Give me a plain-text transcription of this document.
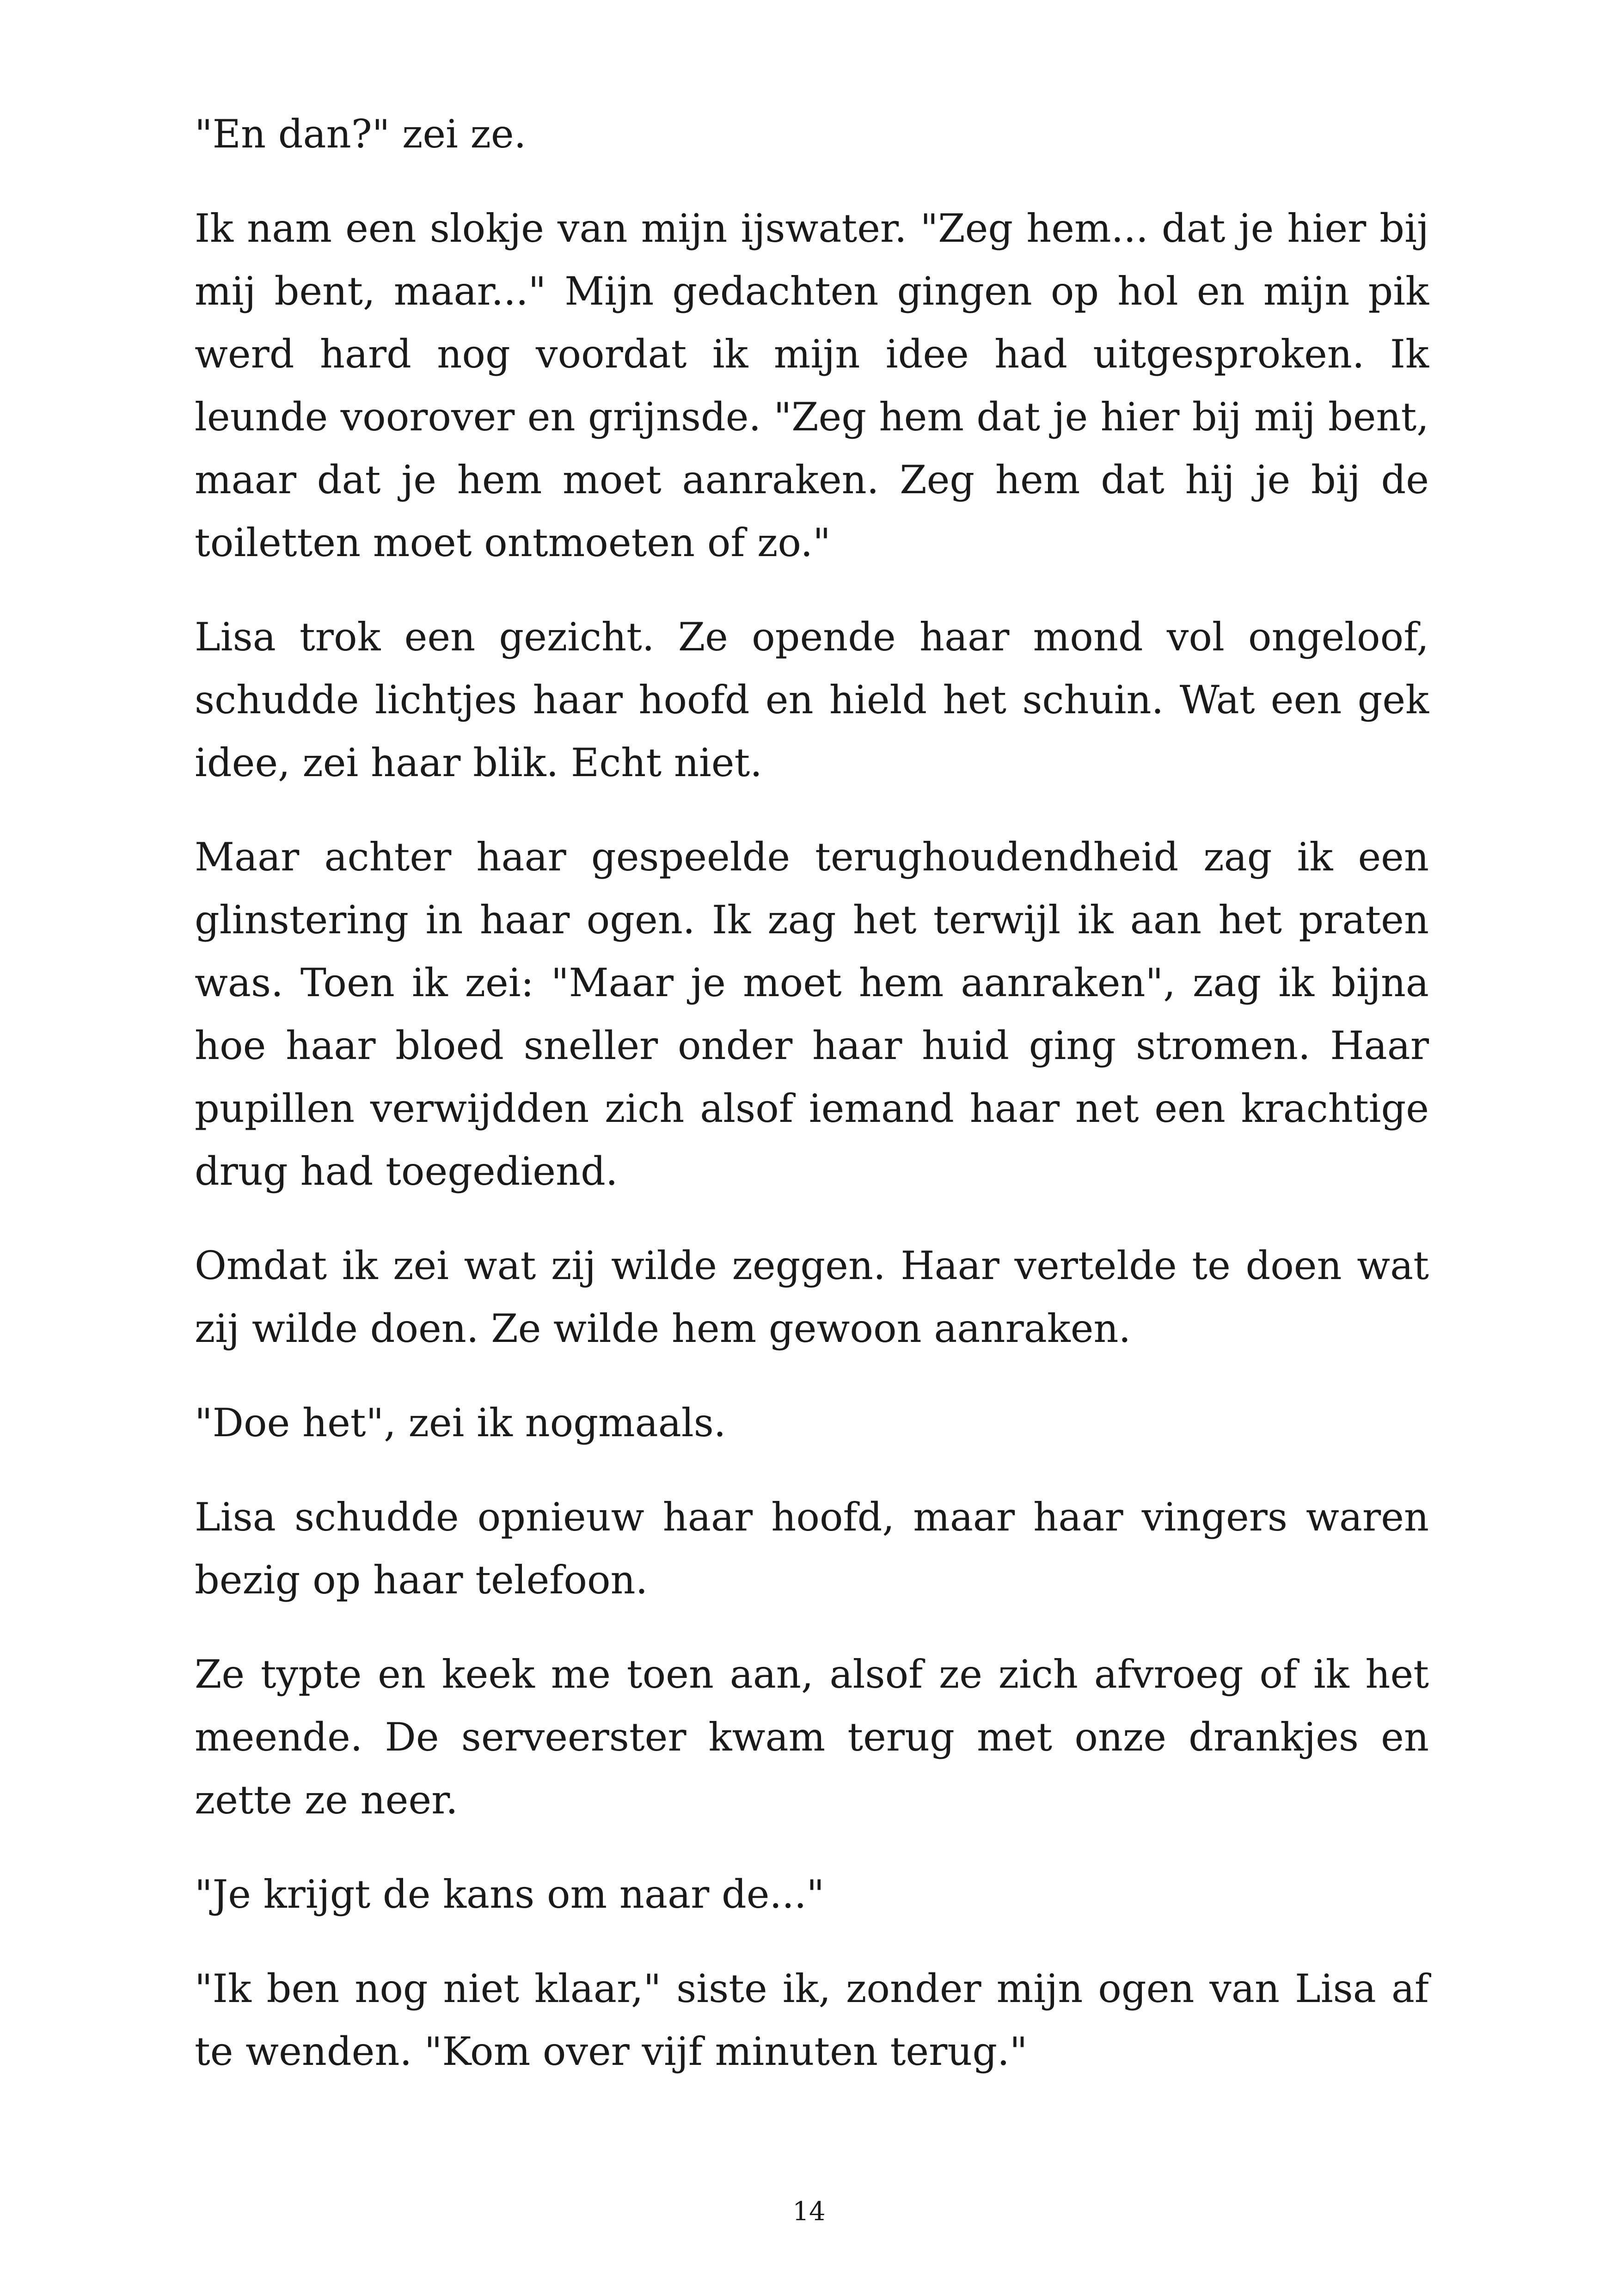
"En dan?" zei ze.

Ik nam een slokje van mijn ijswater. "Zeg hem... dat je hier bij mij bent, maar..." Mijn gedachten gingen op hol en mijn pik werd hard nog voordat ik mijn idee had uitgesproken. Ik leunde voorover en grijnsde. "Zeg hem dat je hier bij mij bent, maar dat je hem moet aanraken. Zeg hem dat hij je bij de toiletten moet ontmoeten of zo."

Lisa trok een gezicht. Ze opende haar mond vol ongeloof, schudde lichtjes haar hoofd en hield het schuin. Wat een gek idee, zei haar blik. Echt niet.

Maar achter haar gespeelde terughoudendheid zag ik een glinstering in haar ogen. Ik zag het terwijl ik aan het praten was. Toen ik zei: "Maar je moet hem aanraken", zag ik bijna hoe haar bloed sneller onder haar huid ging stromen. Haar pupillen verwijdden zich alsof iemand haar net een krachtige drug had toegediend.

Omdat ik zei wat zij wilde zeggen. Haar vertelde te doen wat zij wilde doen. Ze wilde hem gewoon aanraken.

"Doe het", zei ik nogmaals.

Lisa schudde opnieuw haar hoofd, maar haar vingers waren bezig op haar telefoon.

Ze typte en keek me toen aan, alsof ze zich afvroeg of ik het meende. De serveerster kwam terug met onze drankjes en zette ze neer.

"Je krijgt de kans om naar de..."

"Ik ben nog niet klaar," siste ik, zonder mijn ogen van Lisa af te wenden. "Kom over vijf minuten terug."

14
